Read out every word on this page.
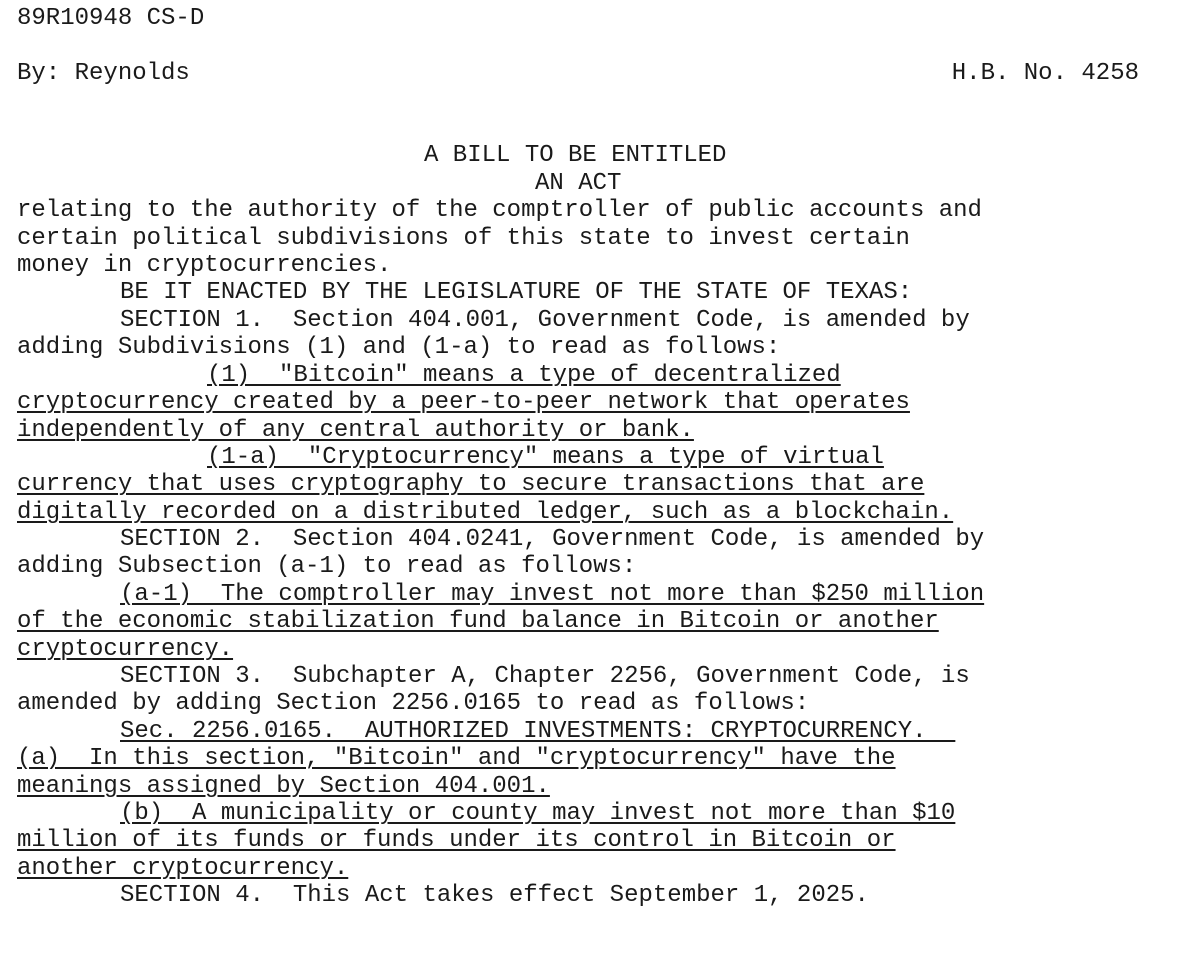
89R10948 CS-D
By: Reynolds	H.B. No. 4258
A BILL TO BE ENTITLED
AN ACT
relating to the authority of the comptroller of public accounts and
certain political subdivisions of this state to invest certain
money in cryptocurrencies.
BE IT ENACTED BY THE LEGISLATURE OF THE STATE OF TEXAS:
SECTION 1.  Section 404.001, Government Code, is amended by
adding Subdivisions (1) and (1-a) to read as follows:
(1)  "Bitcoin" means a type of decentralized
cryptocurrency created by a peer-to-peer network that operates
independently of any central authority or bank.
(1-a)  "Cryptocurrency" means a type of virtual
currency that uses cryptography to secure transactions that are
digitally recorded on a distributed ledger, such as a blockchain.
SECTION 2.  Section 404.0241, Government Code, is amended by
adding Subsection (a-1) to read as follows:
(a-1)  The comptroller may invest not more than $250 million
of the economic stabilization fund balance in Bitcoin or another
cryptocurrency.
SECTION 3.  Subchapter A, Chapter 2256, Government Code, is
amended by adding Section 2256.0165 to read as follows:
Sec. 2256.0165.  AUTHORIZED INVESTMENTS: CRYPTOCURRENCY.
(a)  In this section, "Bitcoin" and "cryptocurrency" have the
meanings assigned by Section 404.001.
(b)  A municipality or county may invest not more than $10
million of its funds or funds under its control in Bitcoin or
another cryptocurrency.
SECTION 4.  This Act takes effect September 1, 2025.
